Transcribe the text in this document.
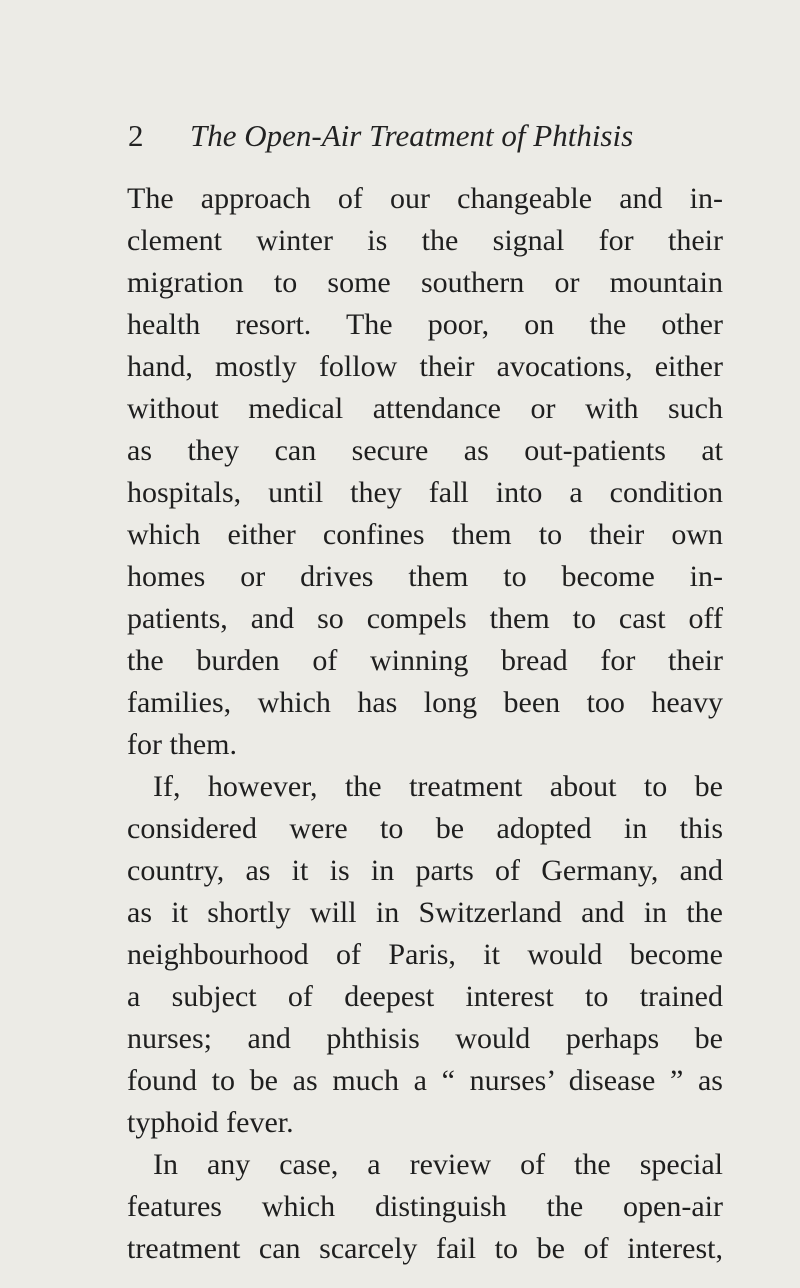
2 The Open-Air Treatment of Phthisis
The approach of our changeable and in-
clement winter is the signal for their
migration to some southern or mountain
health resort. The poor, on the other
hand, mostly follow their avocations, either
without medical attendance or with such
as they can secure as out-patients at
hospitals, until they fall into a condition
which either confines them to their own
homes or drives them to become in-
patients, and so compels them to cast off
the burden of winning bread for their
families, which has long been too heavy
for them.
If, however, the treatment about to be
considered were to be adopted in this
country, as it is in parts of Germany, and
as it shortly will in Switzerland and in the
neighbourhood of Paris, it would become
a subject of deepest interest to trained
nurses; and phthisis would perhaps be
found to be as much a “ nurses’ disease ” as
typhoid fever.
In any case, a review of the special
features which distinguish the open-air
treatment can scarcely fail to be of interest,
